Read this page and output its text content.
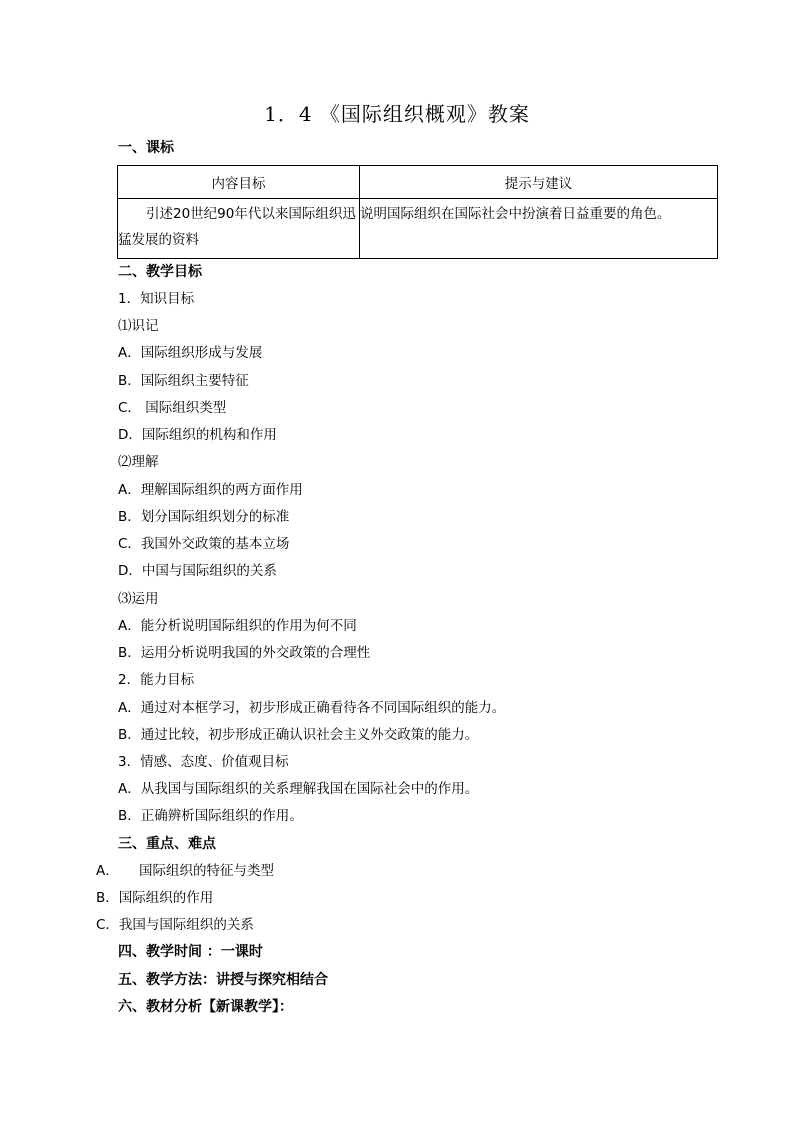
1．4 《国际组织概观》教案
一、课标
内容目标	提示与建议

引述20世纪90年代以来国际组织迅猛发展的资料	说明国际组织在国际社会中扮演着日益重要的角色。
二、教学目标
1．知识目标
⑴识记
A．国际组织形成与发展
B．国际组织主要特征
C． 国际组织类型
D．国际组织的机构和作用
⑵理解
A．理解国际组织的两方面作用
B．划分国际组织划分的标准
C．我国外交政策的基本立场
D．中国与国际组织的关系
⑶运用
A．能分析说明国际组织的作用为何不同
B．运用分析说明我国的外交政策的合理性
2．能力目标
A．通过对本框学习，初步形成正确看待各不同国际组织的能力。
B．通过比较，初步形成正确认识社会主义外交政策的能力。
3．情感、态度、价值观目标
A．从我国与国际组织的关系理解我国在国际社会中的作用。
B．正确辨析国际组织的作用。
三、重点、难点
A．　　国际组织的特征与类型
B．国际组织的作用
C．我国与国际组织的关系
四、教学时间 ：一课时
五、教学方法：讲授与探究相结合
六、教材分析【新课教学】：
